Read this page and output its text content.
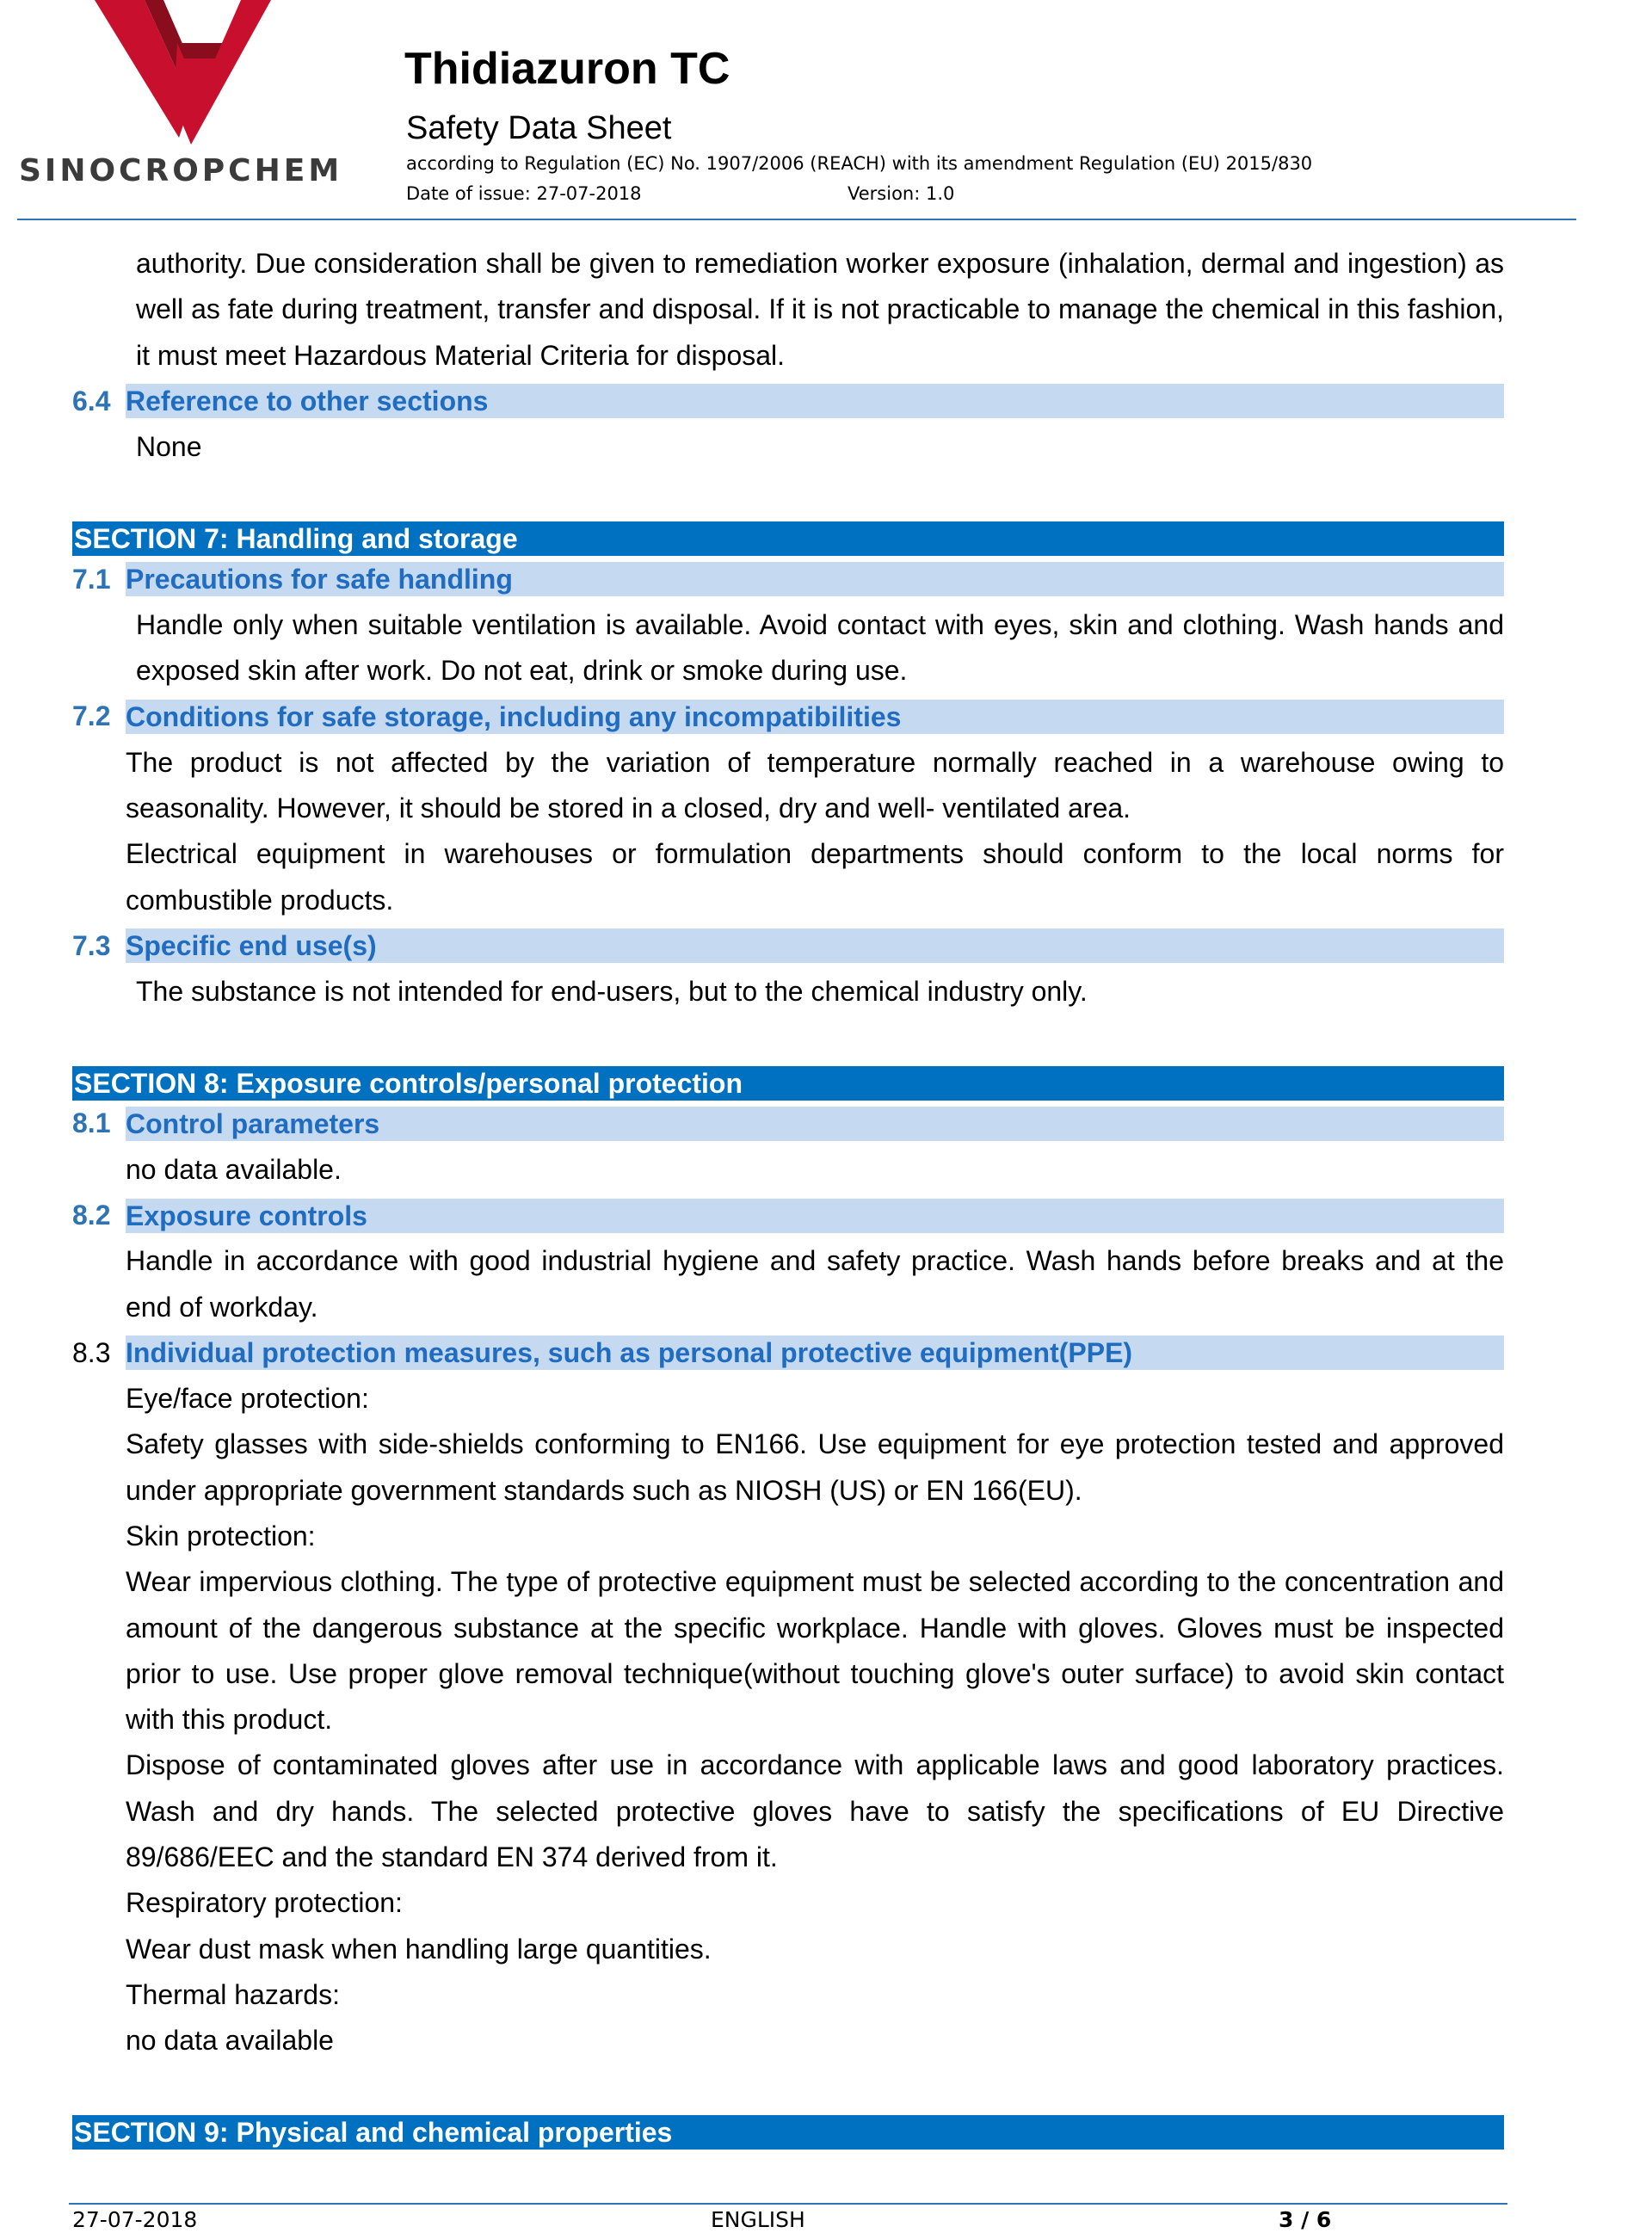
SINOCROPCHEM
Thidiazuron TC
Safety Data Sheet
according to Regulation (EC) No. 1907/2006 (REACH) with its amendment Regulation (EU) 2015/830
Date of issue: 27-07-2018	Version: 1.0
authority. Due consideration shall be given to remediation worker exposure (inhalation, dermal and ingestion) as well as fate during treatment, transfer and disposal. If it is not practicable to manage the chemical in this fashion, it must meet Hazardous Material Criteria for disposal.
6.4 Reference to other sections
None
SECTION 7: Handling and storage
7.1 Precautions for safe handling
Handle only when suitable ventilation is available. Avoid contact with eyes, skin and clothing. Wash hands and exposed skin after work. Do not eat, drink or smoke during use.
7.2 Conditions for safe storage, including any incompatibilities
The product is not affected by the variation of temperature normally reached in a warehouse owing to seasonality. However, it should be stored in a closed, dry and well- ventilated area.
Electrical equipment in warehouses or formulation departments should conform to the local norms for combustible products.
7.3 Specific end use(s)
The substance is not intended for end-users, but to the chemical industry only.
SECTION 8: Exposure controls/personal protection
8.1 Control parameters
no data available.
8.2 Exposure controls
Handle in accordance with good industrial hygiene and safety practice. Wash hands before breaks and at the end of workday.
8.3 Individual protection measures, such as personal protective equipment(PPE)
Eye/face protection:
Safety glasses with side-shields conforming to EN166. Use equipment for eye protection tested and approved under appropriate government standards such as NIOSH (US) or EN 166(EU).
Skin protection:
Wear impervious clothing. The type of protective equipment must be selected according to the concentration and amount of the dangerous substance at the specific workplace. Handle with gloves. Gloves must be inspected prior to use. Use proper glove removal technique(without touching glove's outer surface) to avoid skin contact with this product.
Dispose of contaminated gloves after use in accordance with applicable laws and good laboratory practices. Wash and dry hands. The selected protective gloves have to satisfy the specifications of EU Directive 89/686/EEC and the standard EN 374 derived from it.
Respiratory protection:
Wear dust mask when handling large quantities.
Thermal hazards:
no data available
SECTION 9: Physical and chemical properties
27-07-2018	ENGLISH	3 / 6
